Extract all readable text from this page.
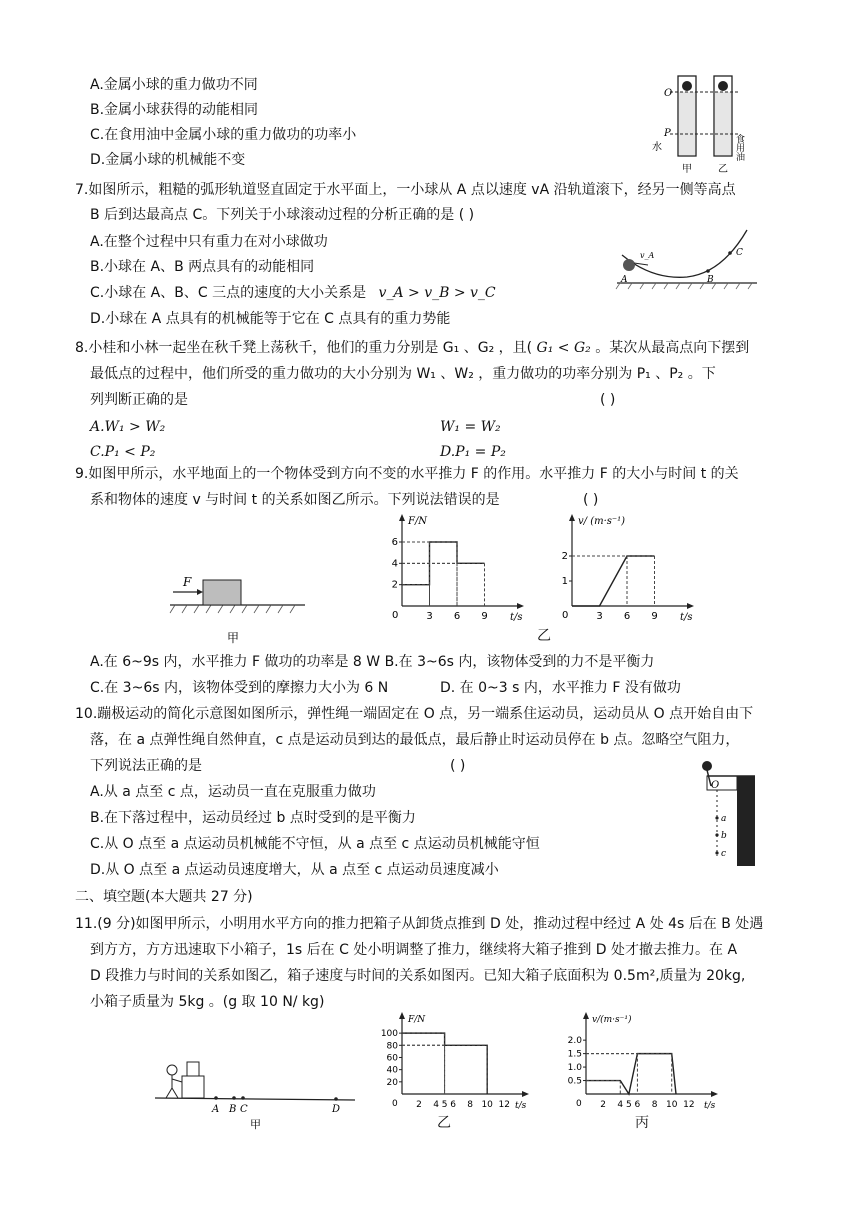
A.金属小球的重力做功不同
B.金属小球获得的动能相同
C.在食用油中金属小球的重力做功的功率小
D.金属小球的机械能不变
O
P
水	食用油
甲	乙
7.如图所示，粗糙的弧形轨道竖直固定于水平面上，一小球从 A 点以速度 vA 沿轨道滚下，经另一侧等高点
B 后到达最高点 C。下列关于小球滚动过程的分析正确的是 ( )
A.在整个过程中只有重力在对小球做功
B.小球在 A、B 两点具有的动能相同
C.小球在 A、B、C 三点的速度的大小关系是 v_A > v_B > v_C
D.小球在 A 点具有的机械能等于它在 C 点具有的重力势能
v_A
A	B
C
8.小桂和小林一起坐在秋千凳上荡秋千，他们的重力分别是 G₁ 、G₂ ，且( G₁ < G₂ 。某次从最高点向下摆到
最低点的过程中，他们所受的重力做功的大小分别为 W₁ 、W₂ ，重力做功的功率分别为 P₁ 、P₂ 。下
列判断正确的是	( )
A.W₁ > W₂	W₁ = W₂
C.P₁ < P₂	D.P₁ = P₂
9.如图甲所示，水平地面上的一个物体受到方向不变的水平推力 F 的作用。水平推力 F 的大小与时间 t 的关
系和物体的速度 v 与时间 t 的关系如图乙所示。下列说法错误的是	( )
F
甲
t/s
F/N
0	3 6 9
2
4
6
t/s
v/ (m·s⁻¹)
0	3 6 9
1
2
乙
A.在 6~9s 内，水平推力 F 做功的功率是 8 W B.在 3~6s 内，该物体受到的力不是平衡力
C.在 3~6s 内，该物体受到的摩擦力大小为 6 N	D. 在 0~3 s 内，水平推力 F 没有做功
10.蹦极运动的简化示意图如图所示，弹性绳一端固定在 O 点，另一端系住运动员，运动员从 O 点开始自由下
落，在 a 点弹性绳自然伸直，c 点是运动员到达的最低点，最后静止时运动员停在 b 点。忽略空气阻力，
下列说法正确的是	( )
A.从 a 点至 c 点，运动员一直在克服重力做功
B.在下落过程中，运动员经过 b 点时受到的是平衡力
C.从 O 点至 a 点运动员机械能不守恒，从 a 点至 c 点运动员机械能守恒
D.从 O 点至 a 点运动员速度增大，从 a 点至 c 点运动员速度减小
O
a
b
c
二、填空题(本大题共 27 分)
11.(9 分)如图甲所示，小明用水平方向的推力把箱子从卸货点推到 D 处，推动过程中经过 A 处 4s 后在 B 处遇
到方方，方方迅速取下小箱子，1s 后在 C 处小明调整了推力，继续将大箱子推到 D 处才撤去推力。在 A
D 段推力与时间的关系如图乙，箱子速度与时间的关系如图丙。已知大箱子底面积为 0.5m²,质量为 20kg,
小箱子质量为 5kg 。(g 取 10 N/ kg)
A B C	D
甲
t/s
F/N
0 2 4 5 6 8 10 12
20
40
60
80
100
乙
t/s
v/(m·s⁻¹)
0 2 4 5 6 8 10 12
0.5
1.0
1.5
2.0
丙
